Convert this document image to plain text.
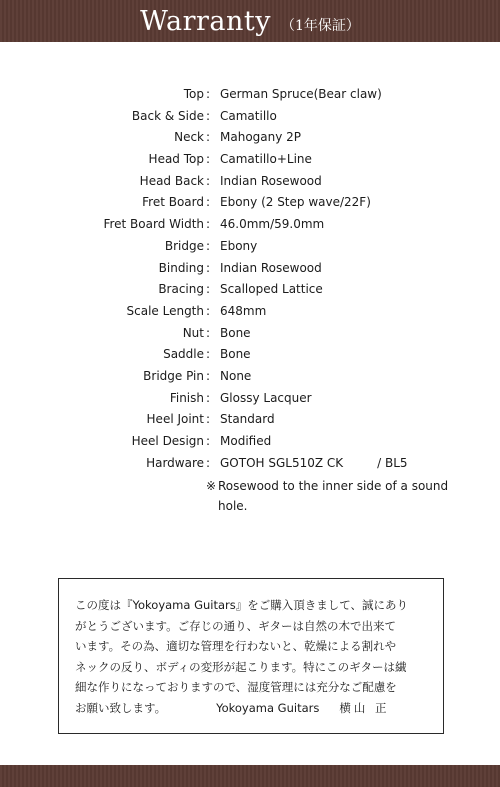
Warranty （1年保証）
Top : German Spruce(Bear claw)
Back & Side : Camatillo
Neck : Mahogany 2P
Head Top : Camatillo+Line
Head Back : Indian Rosewood
Fret Board : Ebony (2 Step wave/22F)
Fret Board Width : 46.0mm/59.0mm
Bridge : Ebony
Binding : Indian Rosewood
Bracing : Scalloped Lattice
Scale Length : 648mm
Nut : Bone
Saddle : Bone
Bridge Pin : None
Finish : Glossy Lacquer
Heel Joint : Standard
Heel Design : Modified
Hardware : GOTOH SGL510Z CK	/ BL5
※ Rosewood to the inner side of a sound
hole.
この度は『Yokoyama Guitars』をご購入頂きまして、誠にあり
がとうございます。ご存じの通り、ギターは自然の木で出来て
います。その為、適切な管理を行わないと、乾燥による割れや
ネックの反り、ボディの変形が起こります。特にこのギターは繊
細な作りになっておりますので、湿度管理には充分なご配慮を
お願い致します。	Yokoyama Guitars 横山 正
